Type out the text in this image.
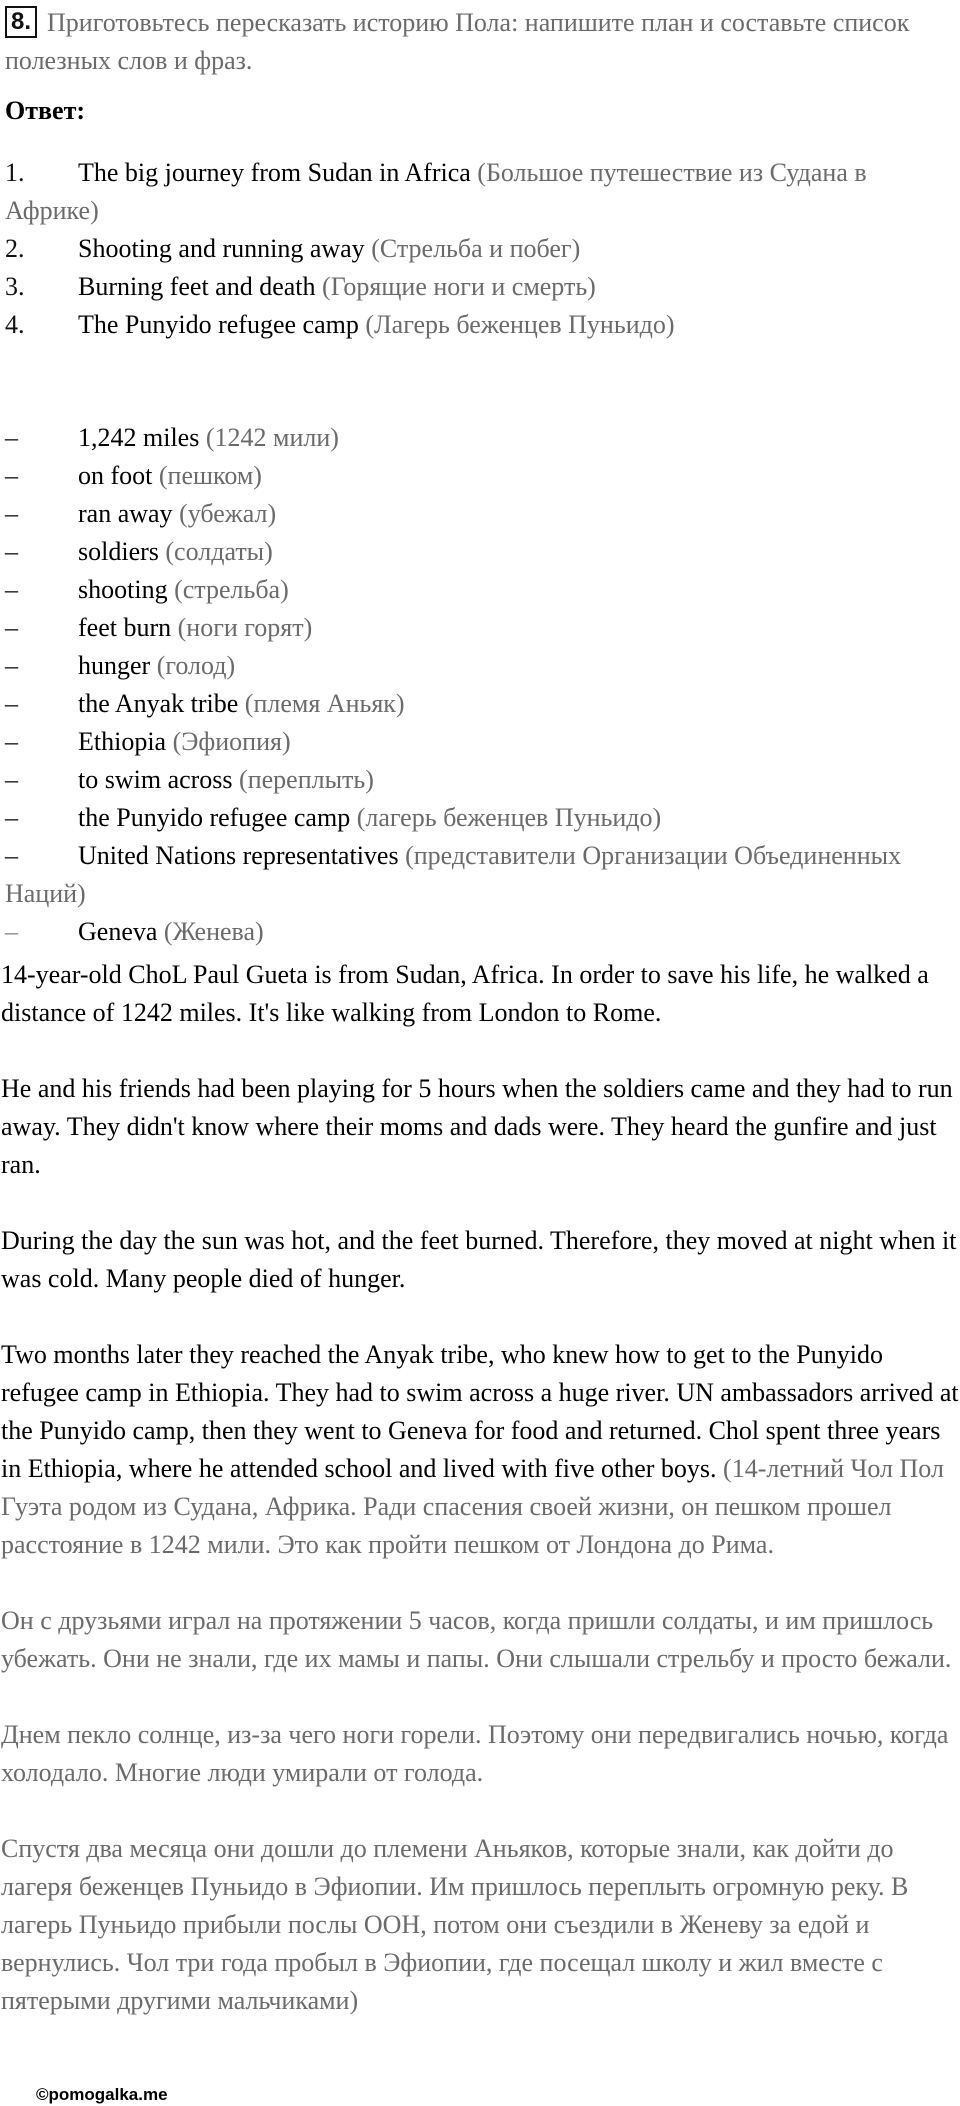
8. Приготовьтесь пересказать историю Пола: напишите план и составьте список полезных слов и фраз.
Ответ:
1. The big journey from Sudan in Africa (Большое путешествие из Судана в Африке)
2. Shooting and running away (Стрельба и побег)
3. Burning feet and death (Горящие ноги и смерть)
4. The Punyido refugee camp (Лагерь беженцев Пуньидо)
– 1,242 miles (1242 мили)
– on foot (пешком)
– ran away (убежал)
– soldiers (солдаты)
– shooting (стрельба)
– feet burn (ноги горят)
– hunger (голод)
– the Anyak tribe (племя Аньяк)
– Ethiopia (Эфиопия)
– to swim across (переплыть)
– the Punyido refugee camp (лагерь беженцев Пуньидо)
– United Nations representatives (представители Организации Объединенных Наций)
– Geneva (Женева)

14-year-old ChoL Paul Gueta is from Sudan, Africa. In order to save his life, he walked a distance of 1242 miles. It's like walking from London to Rome.

He and his friends had been playing for 5 hours when the soldiers came and they had to run away. They didn't know where their moms and dads were. They heard the gunfire and just ran.

During the day the sun was hot, and the feet burned. Therefore, they moved at night when it was cold. Many people died of hunger.

Two months later they reached the Anyak tribe, who knew how to get to the Punyido refugee camp in Ethiopia. They had to swim across a huge river. UN ambassadors arrived at the Punyido camp, then they went to Geneva for food and returned. Chol spent three years in Ethiopia, where he attended school and lived with five other boys. (14-летний Чол Пол Гуэта родом из Судана, Африка. Ради спасения своей жизни, он пешком прошел расстояние в 1242 мили. Это как пройти пешком от Лондона до Рима.

Он с друзьями играл на протяжении 5 часов, когда пришли солдаты, и им пришлось убежать. Они не знали, где их мамы и папы. Они слышали стрельбу и просто бежали.

Днем пекло солнце, из-за чего ноги горели. Поэтому они передвигались ночью, когда холодало. Многие люди умирали от голода.

Спустя два месяца они дошли до племени Аньяков, которые знали, как дойти до лагеря беженцев Пуньидо в Эфиопии. Им пришлось переплыть огромную реку. В лагерь Пуньидо прибыли послы ООН, потом они съездили в Женеву за едой и вернулись. Чол три года пробыл в Эфиопии, где посещал школу и жил вместе с пятерыми другими мальчиками)

©pomogalka.me
